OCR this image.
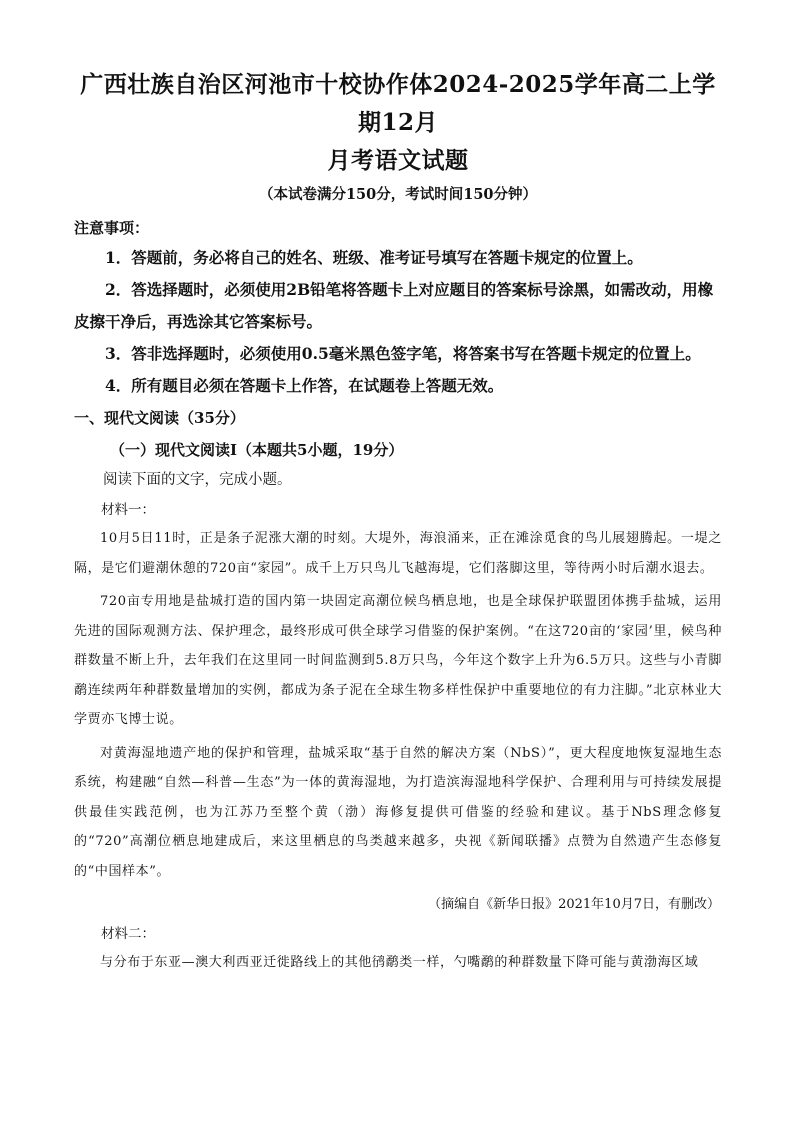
广西壮族自治区河池市十校协作体2024-2025学年高二上学期12月
月考语文试题

（本试卷满分150分，考试时间150分钟）

注意事项：

1．答题前，务必将自己的姓名、班级、准考证号填写在答题卡规定的位置上。

2．答选择题时，必须使用2B铅笔将答题卡上对应题目的答案标号涂黑，如需改动，用橡皮擦干净后，再选涂其它答案标号。

3．答非选择题时，必须使用0.5毫米黑色签字笔，将答案书写在答题卡规定的位置上。

4．所有题目必须在答题卡上作答，在试题卷上答题无效。

一、现代文阅读（35分）

（一）现代文阅读Ⅰ（本题共5小题，19分）

阅读下面的文字，完成小题。

材料一：

10月5日11时，正是条子泥涨大潮的时刻。大堤外，海浪涌来，正在滩涂觅食的鸟儿展翅腾起。一堤之隔，是它们避潮休憩的720亩“家园”。成千上万只鸟儿飞越海堤，它们落脚这里，等待两小时后潮水退去。

720亩专用地是盐城打造的国内第一块固定高潮位候鸟栖息地，也是全球保护联盟团体携手盐城，运用先进的国际观测方法、保护理念，最终形成可供全球学习借鉴的保护案例。“在这720亩的‘家园’里，候鸟种群数量不断上升，去年我们在这里同一时间监测到5.8万只鸟，今年这个数字上升为6.5万只。这些与小青脚鹬连续两年种群数量增加的实例，都成为条子泥在全球生物多样性保护中重要地位的有力注脚。”北京林业大学贾亦飞博士说。

对黄海湿地遗产地的保护和管理，盐城采取“基于自然的解决方案（NbS）”，更大程度地恢复湿地生态系统，构建融“自然—科普—生态”为一体的黄海湿地，为打造滨海湿地科学保护、合理利用与可持续发展提供最佳实践范例，也为江苏乃至整个黄（渤）海修复提供可借鉴的经验和建议。基于NbS理念修复的“720”高潮位栖息地建成后，来这里栖息的鸟类越来越多，央视《新闻联播》点赞为自然遗产生态修复的“中国样本”。

（摘编自《新华日报》2021年10月7日，有删改）

材料二：

与分布于东亚—澳大利西亚迁徙路线上的其他鸻鹬类一样，勺嘴鹬的种群数量下降可能与黄渤海区域
